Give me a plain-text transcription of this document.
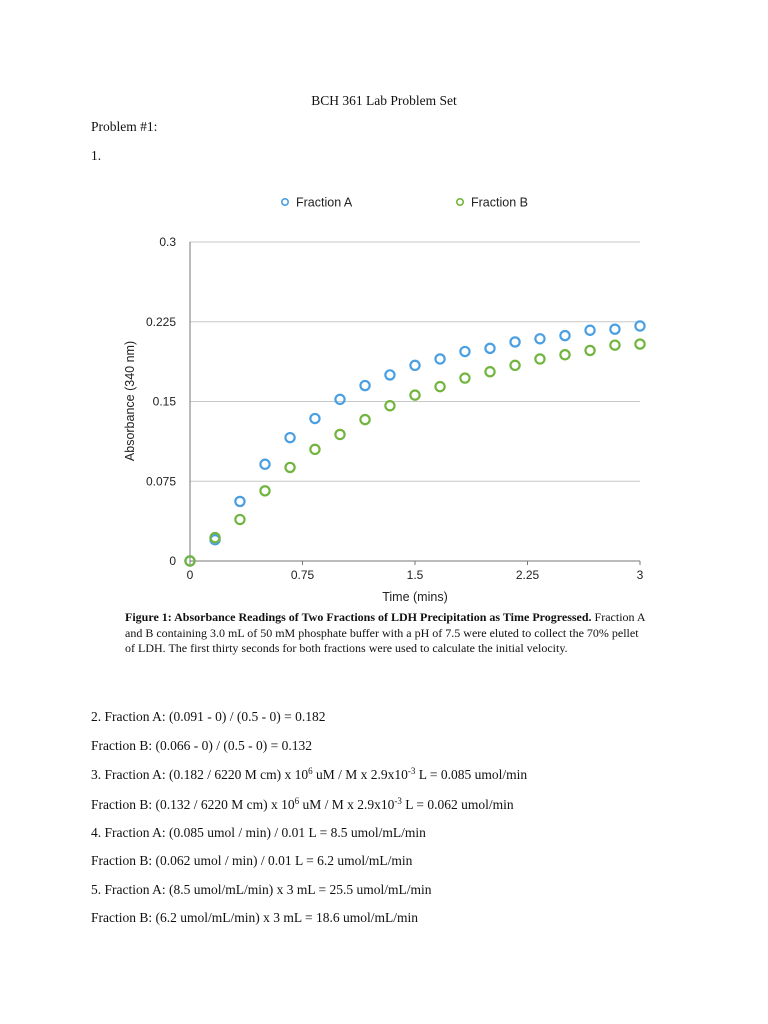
BCH 361 Lab Problem Set
Problem #1:
1.
Fraction A	Fraction B
0
0.075
0.15
0.225
0.3
0	0.75	1.5	2.25	3
Time (mins)
Absorbance (340 nm)
Figure 1: Absorbance Readings of Two Fractions of LDH Precipitation as Time Progressed. Fraction A and B containing 3.0 mL of 50 mM phosphate buffer with a pH of 7.5 were eluted to collect the 70% pellet of LDH. The first thirty seconds for both fractions were used to calculate the initial velocity.
2. Fraction A: (0.091 - 0) / (0.5 - 0) = 0.182
Fraction B: (0.066 - 0) / (0.5 - 0) = 0.132
3. Fraction A: (0.182 / 6220 M cm) x $10^6$ uM / M x $2.9x10^{-3}$ L = 0.085 umol/min
Fraction B: (0.132 / 6220 M cm) x $10^6$ uM / M x $2.9x10^{-3}$ L = 0.062 umol/min
4. Fraction A: (0.085 umol / min) / 0.01 L = 8.5 umol/mL/min
Fraction B: (0.062 umol / min) / 0.01 L = 6.2 umol/mL/min
5. Fraction A: (8.5 umol/mL/min) x 3 mL = 25.5 umol/mL/min
Fraction B: (6.2 umol/mL/min) x 3 mL = 18.6 umol/mL/min
